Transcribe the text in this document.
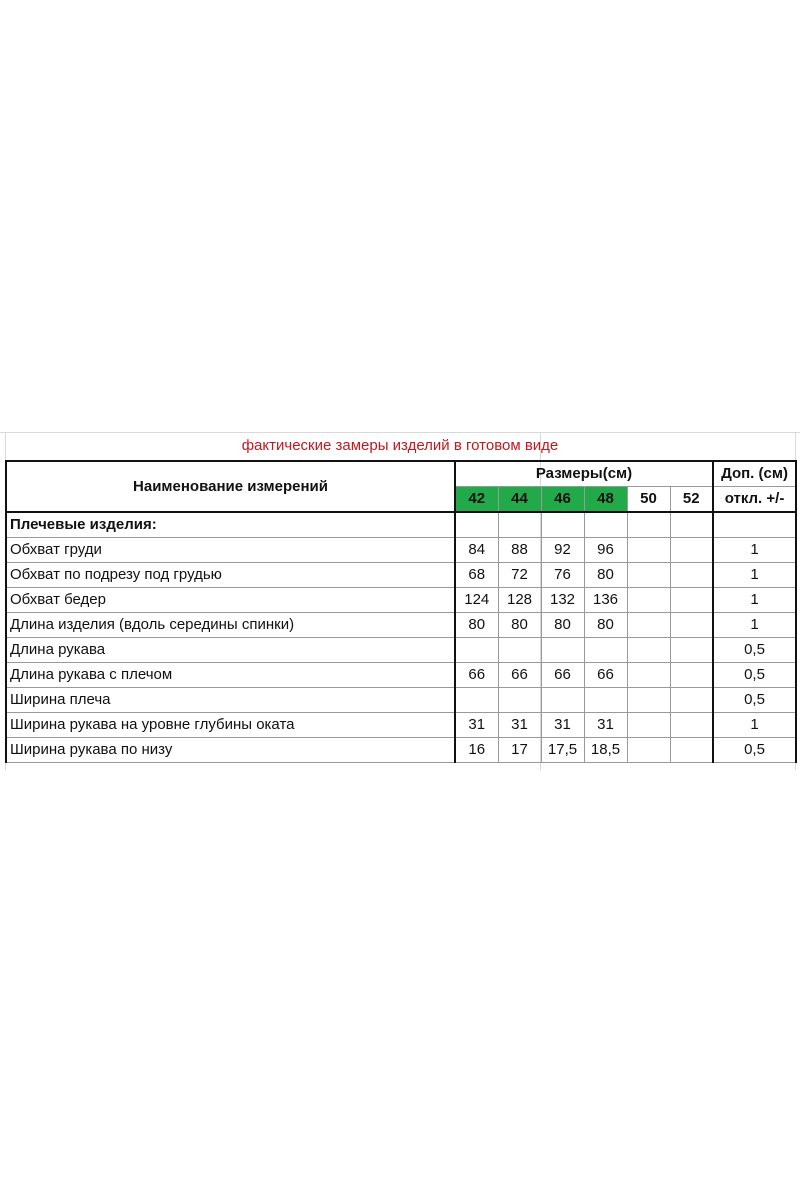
фактические замеры изделий в готовом виде
Наименование измерений	Размеры(см)						Доп. (см)
	42	44	46	48	50	52	откл. +/-
Плечевые изделия:							
Обхват груди	84	88	92	96			1
Обхват по подрезу под грудью	68	72	76	80			1
Обхват бедер	124	128	132	136			1
Длина изделия (вдоль середины спинки)	80	80	80	80			1
Длина рукава							0,5
Длина рукава с плечом	66	66	66	66			0,5
Ширина плеча							0,5
Ширина рукава на уровне глубины оката	31	31	31	31			1
Ширина рукава по низу	16	17	17,5	18,5			0,5
